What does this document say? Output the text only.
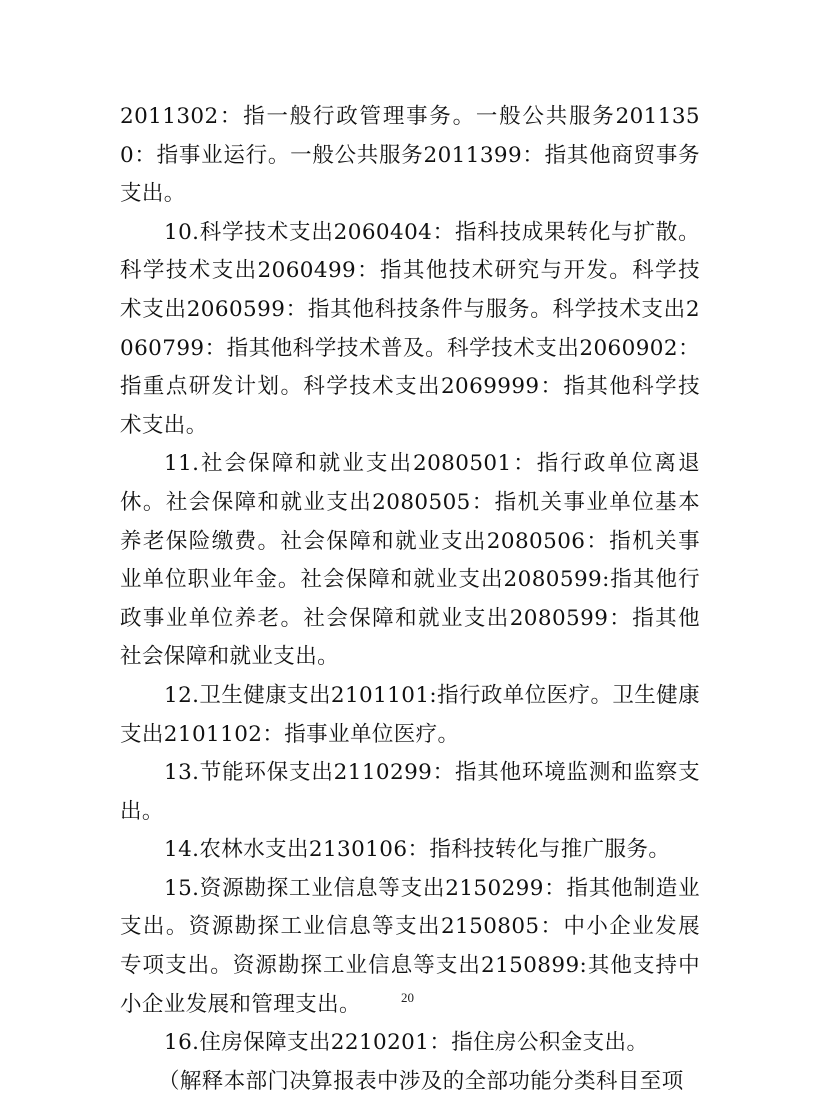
2011302：指一般行政管理事务。一般公共服务2011350：指事业运行。一般公共服务2011399：指其他商贸事务支出。

10.科学技术支出2060404：指科技成果转化与扩散。科学技术支出2060499：指其他技术研究与开发。科学技术支出2060599：指其他科技条件与服务。科学技术支出2060799：指其他科学技术普及。科学技术支出2060902：指重点研发计划。科学技术支出2069999：指其他科学技术支出。

11.社会保障和就业支出2080501：指行政单位离退休。社会保障和就业支出2080505：指机关事业单位基本养老保险缴费。社会保障和就业支出2080506：指机关事业单位职业年金。社会保障和就业支出2080599:指其他行政事业单位养老。社会保障和就业支出2080599：指其他社会保障和就业支出。

12.卫生健康支出2101101:指行政单位医疗。卫生健康支出2101102：指事业单位医疗。

13.节能环保支出2110299：指其他环境监测和监察支出。

14.农林水支出2130106：指科技转化与推广服务。

15.资源勘探工业信息等支出2150299：指其他制造业支出。资源勘探工业信息等支出2150805：中小企业发展专项支出。资源勘探工业信息等支出2150899:其他支持中小企业发展和管理支出。

16.住房保障支出2210201：指住房公积金支出。

（解释本部门决算报表中涉及的全部功能分类科目至项

20
